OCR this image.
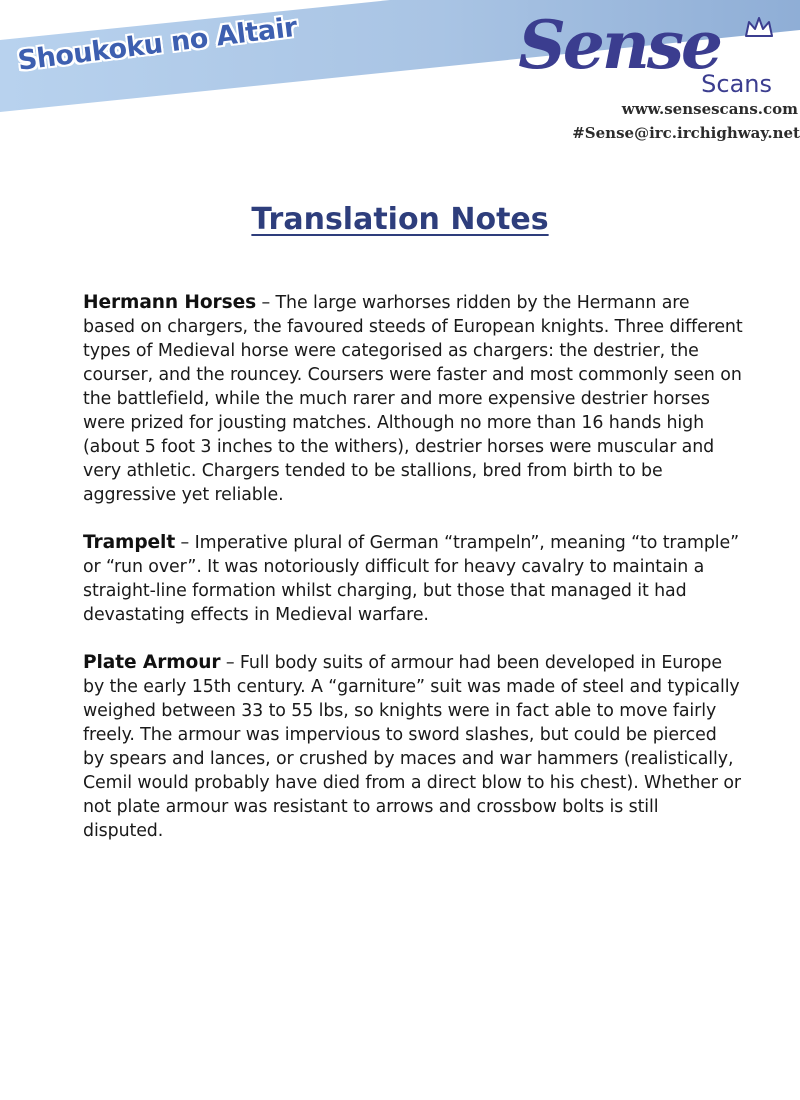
Shoukoku no Altair	Sense
Scans
www.sensescans.com
#Sense@irc.irchighway.net
Translation Notes

Hermann Horses – The large warhorses ridden by the Hermann are based on chargers, the favoured steeds of European knights. Three different types of Medieval horse were categorised as chargers: the destrier, the courser, and the rouncey. Coursers were faster and most commonly seen on the battlefield, while the much rarer and more expensive destrier horses were prized for jousting matches. Although no more than 16 hands high (about 5 foot 3 inches to the withers), destrier horses were muscular and very athletic. Chargers tended to be stallions, bred from birth to be aggressive yet reliable.

Trampelt – Imperative plural of German “trampeln”, meaning “to trample” or “run over”. It was notoriously difficult for heavy cavalry to maintain a straight-line formation whilst charging, but those that managed it had devastating effects in Medieval warfare.

Plate Armour – Full body suits of armour had been developed in Europe by the early 15th century. A “garniture” suit was made of steel and typically weighed between 33 to 55 lbs, so knights were in fact able to move fairly freely. The armour was impervious to sword slashes, but could be pierced by spears and lances, or crushed by maces and war hammers (realistically, Cemil would probably have died from a direct blow to his chest). Whether or not plate armour was resistant to arrows and crossbow bolts is still disputed.
